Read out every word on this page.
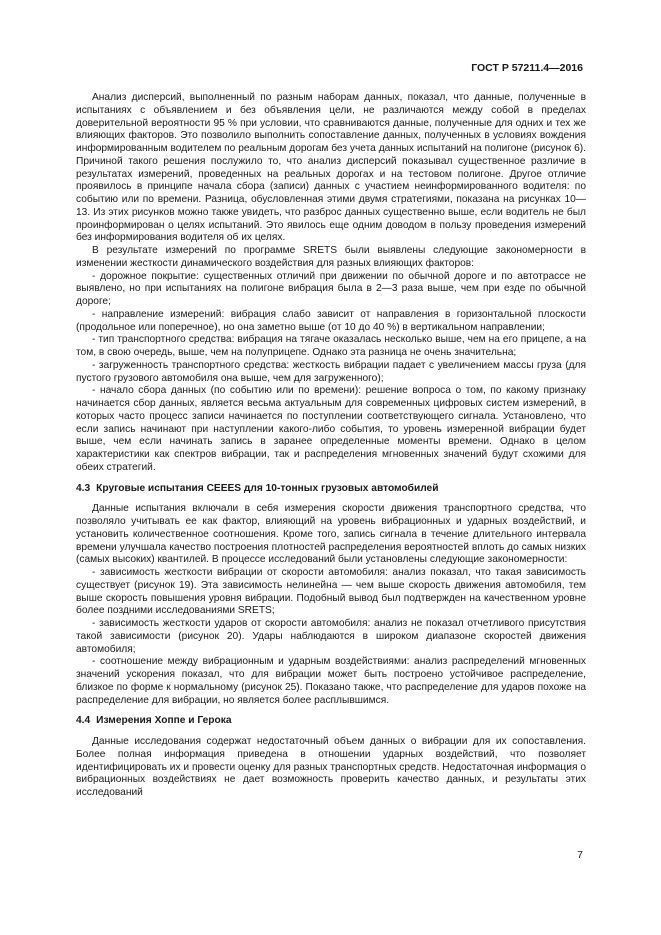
ГОСТ Р 57211.4—2016

Анализ дисперсий, выполненный по разным наборам данных, показал, что данные, полученные в испытаниях с объявлением и без объявления цели, не различаются между собой в пределах доверительной вероятности 95 % при условии, что сравниваются данные, полученные для одних и тех же влияющих факторов. Это позволило выполнить сопоставление данных, полученных в условиях вождения информированным водителем по реальным дорогам без учета данных испытаний на полигоне (рисунок 6). Причиной такого решения послужило то, что анализ дисперсий показывал существенное различие в результатах измерений, проведенных на реальных дорогах и на тестовом полигоне. Другое отличие проявилось в принципе начала сбора (записи) данных с участием неинформированного водителя: по событию или по времени. Разница, обусловленная этими двумя стратегиями, показана на рисунках 10—13. Из этих рисунков можно также увидеть, что разброс данных существенно выше, если водитель не был проинформирован о целях испытаний. Это явилось еще одним доводом в пользу проведения измерений без информирования водителя об их целях.

В результате измерений по программе SRETS были выявлены следующие закономерности в изменении жесткости динамического воздействия для разных влияющих факторов:

- дорожное покрытие: существенных отличий при движении по обычной дороге и по автотрассе не выявлено, но при испытаниях на полигоне вибрация была в 2—3 раза выше, чем при езде по обычной дороге;

- направление измерений: вибрация слабо зависит от направления в горизонтальной плоскости (продольное или поперечное), но она заметно выше (от 10 до 40 %) в вертикальном направлении;

- тип транспортного средства: вибрация на тягаче оказалась несколько выше, чем на его прицепе, а на том, в свою очередь, выше, чем на полуприцепе. Однако эта разница не очень значительна;

- загруженность транспортного средства: жесткость вибрации падает с увеличением массы груза (для пустого грузового автомобиля она выше, чем для загруженного);

- начало сбора данных (по событию или по времени): решение вопроса о том, по какому признаку начинается сбор данных, является весьма актуальным для современных цифровых систем измерений, в которых часто процесс записи начинается по поступлении соответствующего сигнала. Установлено, что если запись начинают при наступлении какого-либо события, то уровень измеренной вибрации будет выше, чем если начинать запись в заранее определенные моменты времени. Однако в целом характеристики как спектров вибрации, так и распределения мгновенных значений будут схожими для обеих стратегий.

4.3 Круговые испытания CEEES для 10-тонных грузовых автомобилей

Данные испытания включали в себя измерения скорости движения транспортного средства, что позволяло учитывать ее как фактор, влияющий на уровень вибрационных и ударных воздействий, и установить количественное соотношения. Кроме того, запись сигнала в течение длительного интервала времени улучшала качество построения плотностей распределения вероятностей вплоть до самых низких (самых высоких) квантилей. В процессе исследований были установлены следующие закономерности:

- зависимость жесткости вибрации от скорости автомобиля: анализ показал, что такая зависимость существует (рисунок 19). Эта зависимость нелинейна — чем выше скорость движения автомобиля, тем выше скорость повышения уровня вибрации. Подобный вывод был подтвержден на качественном уровне более поздними исследованиями SRETS;

- зависимость жесткости ударов от скорости автомобиля: анализ не показал отчетливого присутствия такой зависимости (рисунок 20). Удары наблюдаются в широком диапазоне скоростей движения автомобиля;

- соотношение между вибрационным и ударным воздействиями: анализ распределений мгновенных значений ускорения показал, что для вибрации может быть построено устойчивое распределение, близкое по форме к нормальному (рисунок 25). Показано также, что распределение для ударов похоже на распределение для вибрации, но является более расплывшимся.

4.4 Измерения Хоппе и Герока

Данные исследования содержат недостаточный объем данных о вибрации для их сопоставления. Более полная информация приведена в отношении ударных воздействий, что позволяет идентифицировать их и провести оценку для разных транспортных средств. Недостаточная информация о вибрационных воздействиях не дает возможность проверить качество данных, и результаты этих исследований

7
